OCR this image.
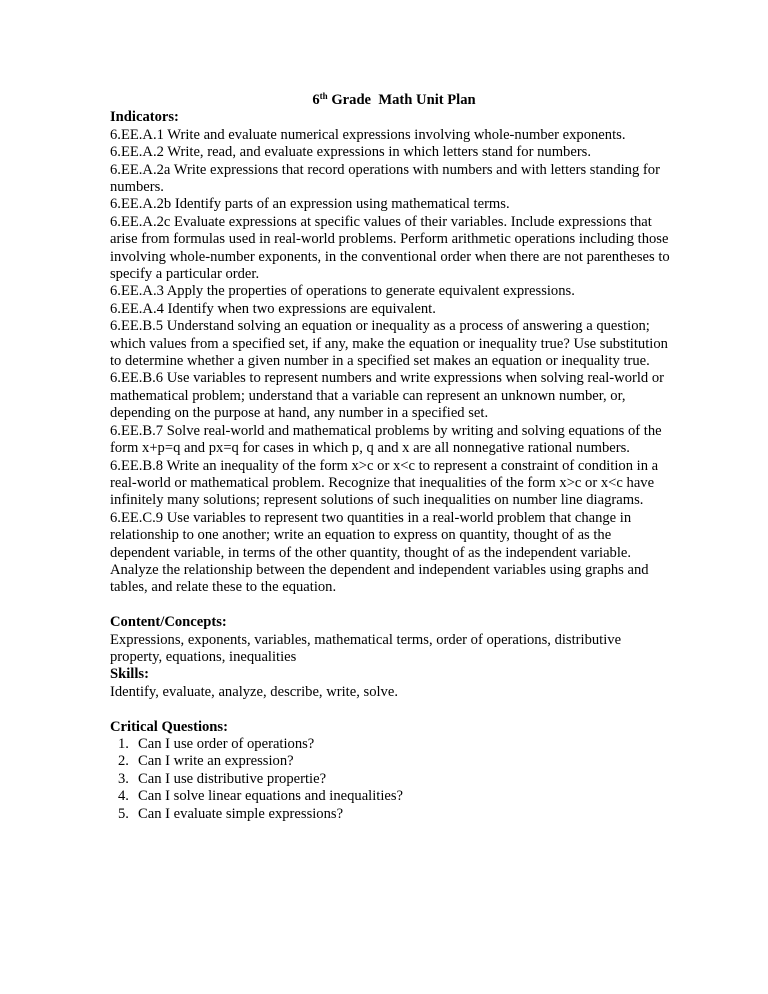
6th Grade  Math Unit Plan
Indicators:

6.EE.A.1 Write and evaluate numerical expressions involving whole-number exponents.

6.EE.A.2 Write, read, and evaluate expressions in which letters stand for numbers.

6.EE.A.2a Write expressions that record operations with numbers and with letters standing for numbers.

6.EE.A.2b Identify parts of an expression using mathematical terms.

6.EE.A.2c Evaluate expressions at specific values of their variables. Include expressions that arise from formulas used in real-world problems. Perform arithmetic operations including those involving whole-number exponents, in the conventional order when there are not parentheses to specify a particular order.

6.EE.A.3 Apply the properties of operations to generate equivalent expressions.

6.EE.A.4 Identify when two expressions are equivalent.

6.EE.B.5 Understand solving an equation or inequality as a process of answering a question; which values from a specified set, if any, make the equation or inequality true? Use substitution to determine whether a given number in a specified set makes an equation or inequality true.

6.EE.B.6 Use variables to represent numbers and write expressions when solving real-world or mathematical problem; understand that a variable can represent an unknown number, or, depending on the purpose at hand, any number in a specified set.

6.EE.B.7 Solve real-world and mathematical problems by writing and solving equations of the form x+p=q and px=q for cases in which p, q and x are all nonnegative rational numbers.

6.EE.B.8 Write an inequality of the form x>c or x<c to represent a constraint of condition in a real-world or mathematical problem. Recognize that inequalities of the form x>c or x<c have infinitely many solutions; represent solutions of such inequalities on number line diagrams.

6.EE.C.9 Use variables to represent two quantities in a real-world problem that change in relationship to one another; write an equation to express on quantity, thought of as the dependent variable, in terms of the other quantity, thought of as the independent variable. Analyze the relationship between the dependent and independent variables using graphs and tables, and relate these to the equation.

Content/Concepts:

Expressions, exponents, variables, mathematical terms, order of operations, distributive property, equations, inequalities

Skills:

Identify, evaluate, analyze, describe, write, solve.

Critical Questions:
1. Can I use order of operations?
2. Can I write an expression?
3. Can I use distributive propertie?
4. Can I solve linear equations and inequalities?
5. Can I evaluate simple expressions?
